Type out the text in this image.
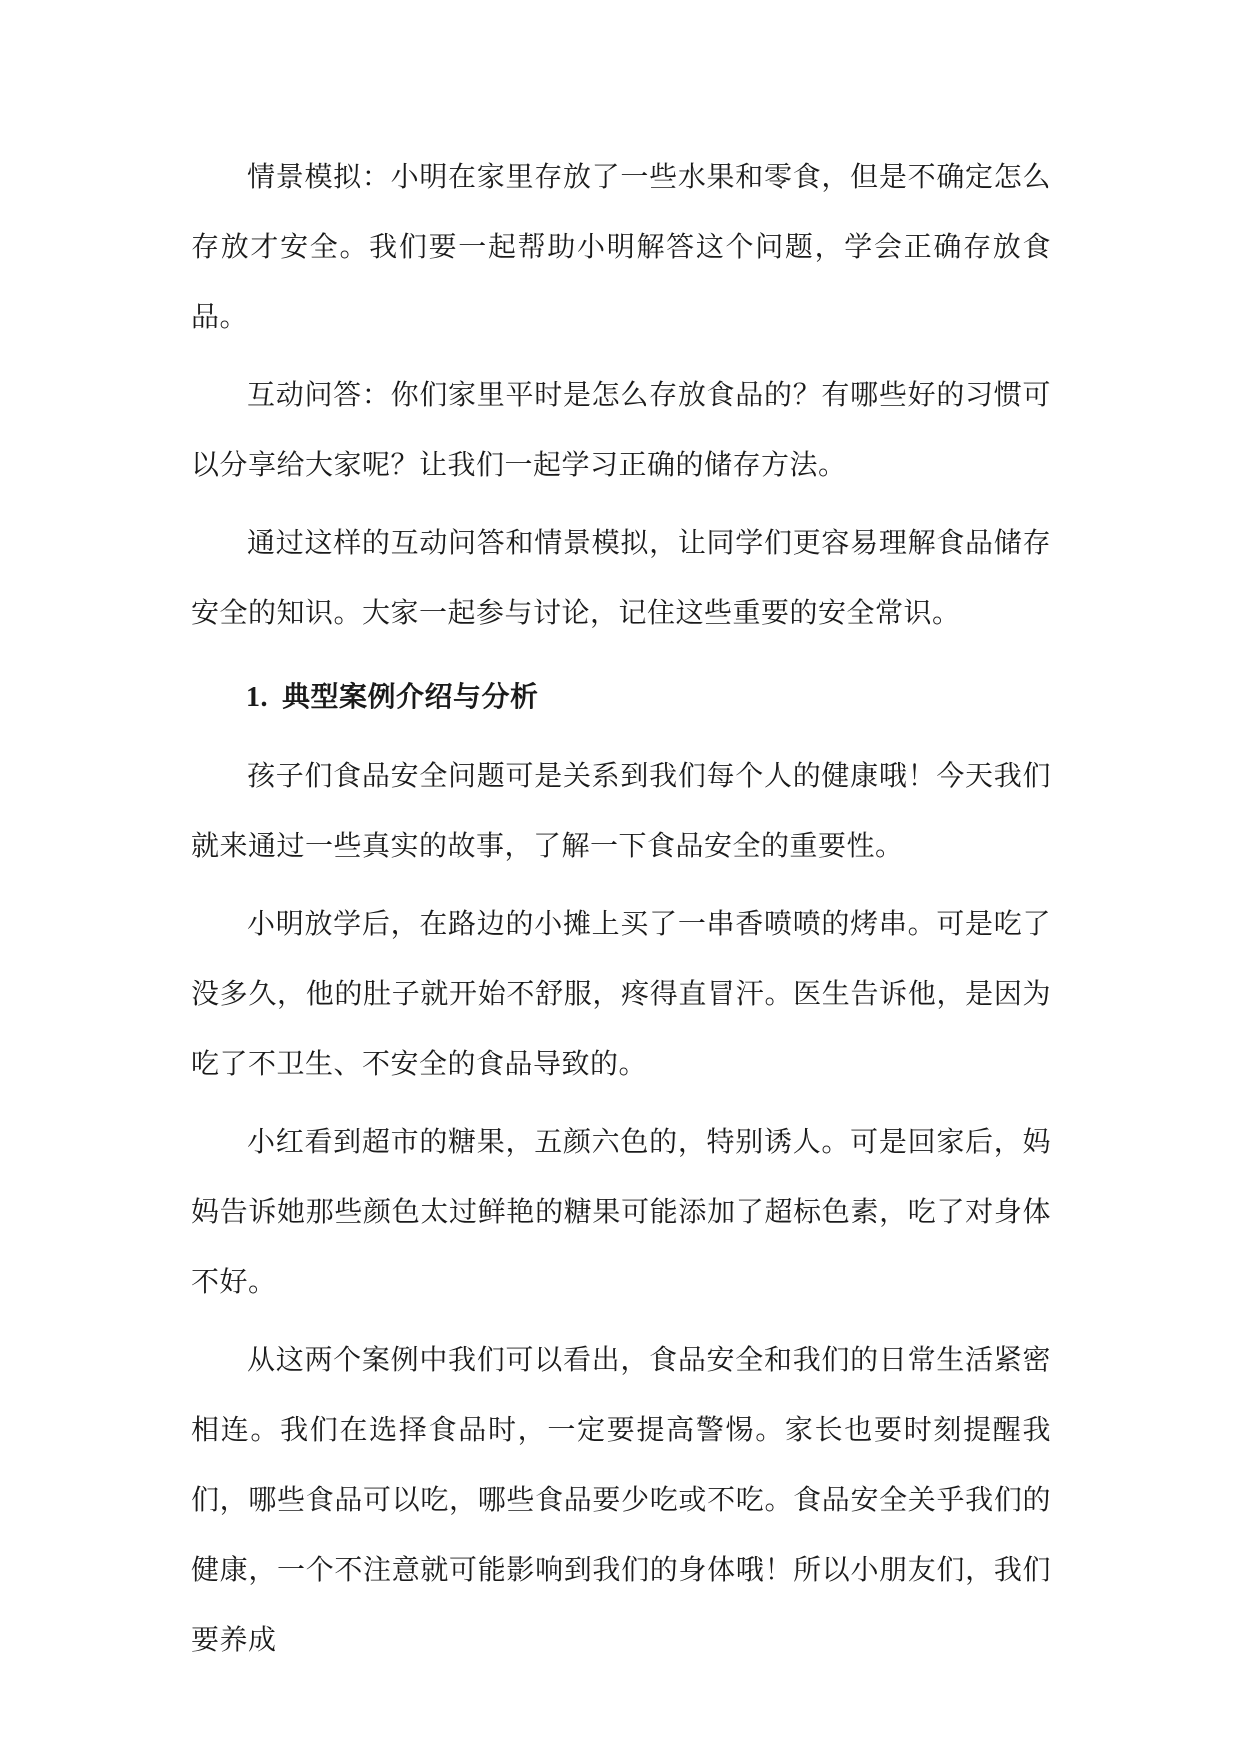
情景模拟：小明在家里存放了一些水果和零食，但是不确定怎么存放才安全。我们要一起帮助小明解答这个问题，学会正确存放食品。

互动问答：你们家里平时是怎么存放食品的？有哪些好的习惯可以分享给大家呢？让我们一起学习正确的储存方法。

通过这样的互动问答和情景模拟，让同学们更容易理解食品储存安全的知识。大家一起参与讨论，记住这些重要的安全常识。

1. 典型案例介绍与分析

孩子们食品安全问题可是关系到我们每个人的健康哦！今天我们就来通过一些真实的故事，了解一下食品安全的重要性。

小明放学后，在路边的小摊上买了一串香喷喷的烤串。可是吃了没多久，他的肚子就开始不舒服，疼得直冒汗。医生告诉他，是因为吃了不卫生、不安全的食品导致的。

小红看到超市的糖果，五颜六色的，特别诱人。可是回家后，妈妈告诉她那些颜色太过鲜艳的糖果可能添加了超标色素，吃了对身体不好。

从这两个案例中我们可以看出，食品安全和我们的日常生活紧密相连。我们在选择食品时，一定要提高警惕。家长也要时刻提醒我们，哪些食品可以吃，哪些食品要少吃或不吃。食品安全关乎我们的健康，一个不注意就可能影响到我们的身体哦！所以小朋友们，我们要养成
